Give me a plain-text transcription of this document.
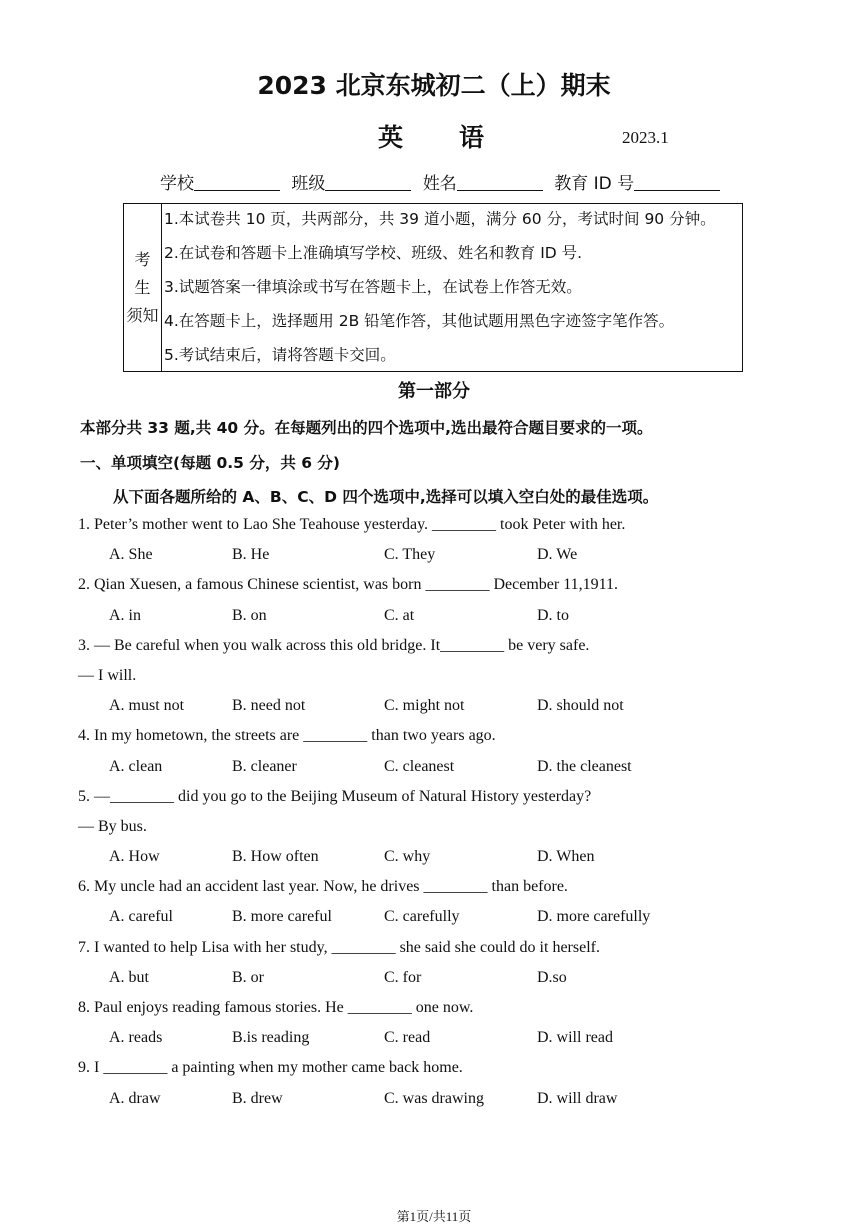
2023 北京东城初二（上）期末
英语	2023.1
学校	班级	姓名	教育 ID 号
考 生
须知
1.本试卷共 10 页，共两部分，共 39 道小题，满分 60 分，考试时间 90 分钟。
2.在试卷和答题卡上准确填写学校、班级、姓名和教育 ID 号.
3.试题答案一律填涂或书写在答题卡上，在试卷上作答无效。
4.在答题卡上，选择题用 2B 铅笔作答，其他试题用黑色字迹签字笔作答。
5.考试结束后，请将答题卡交回。
第一部分
本部分共 33 题,共 40 分。在每题列出的四个选项中,选出最符合题目要求的一项。
一、单项填空(每题 0.5 分，共 6 分)
从下面各题所给的 A、B、C、D 四个选项中,选择可以填入空白处的最佳选项。
1. Peter’s mother went to Lao She Teahouse yesterday. ________ took Peter with her.
A. She	B. He	C. They	D. We
2. Qian Xuesen, a famous Chinese scientist, was born ________ December 11,1911.
A. in	B. on	C. at	D. to
3. — Be careful when you walk across this old bridge. It________ be very safe.
— I will.
A. must not	B. need not	C. might not	D. should not
4. In my hometown, the streets are ________ than two years ago.
A. clean	B. cleaner	C. cleanest	D. the cleanest
5. —________ did you go to the Beijing Museum of Natural History yesterday?
— By bus.
A. How	B. How often	C. why	D. When
6. My uncle had an accident last year. Now, he drives ________ than before.
A. careful	B. more careful	C. carefully	D. more carefully
7. I wanted to help Lisa with her study, ________ she said she could do it herself.
A. but	B. or	C. for	D.so
8. Paul enjoys reading famous stories. He ________ one now.
A. reads	B.is reading	C. read	D. will read
9. I ________ a painting when my mother came back home.
A. draw	B. drew	C. was drawing	D. will draw
第1页/共11页
